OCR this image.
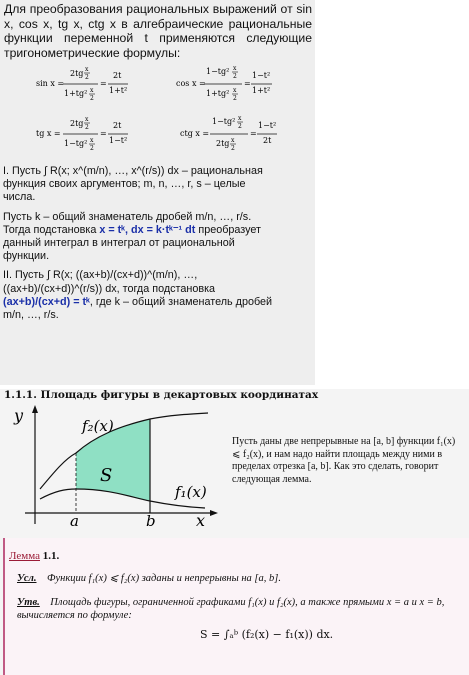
Для преобразования рациональных выражений от sin x, cos x, tg x, ctg x в алгебраические рациональные функции переменной t применяются следующие тригонометрические формулы:
sin x =
2tg x
2
1+tg² x
2
=
2t
1+t²
cos x =
1−tg² x
2
1+tg² x
2
=
1−t²
1+t²
tg x =
2tg x
2
1−tg² x
2
=
2t
1−t²
ctg x =
1−tg² x
2
2tg x
2
=
1−t²
2t

I. Пусть ∫ R(x; x^(m/n), …, x^(r/s)) dx – рациональная функция своих аргументов; m, n, …, r, s – целые числа.

Пусть k – общий знаменатель дробей m/n, …, r/s. Тогда подстановка x = tᵏ, dx = k·tᵏ⁻¹ dt преобразует данный интеграл в интеграл от рациональной функции.

II. Пусть ∫ R(x; ((ax+b)/(cx+d))^(m/n), …, ((ax+b)/(cx+d))^(r/s)) dx, тогда подстановка (ax+b)/(cx+d) = tᵏ, где k – общий знаменатель дробей m/n, …, r/s.

1.1.1. Площадь фигуры в декартовых координатах
y
x
f₂(x)
f₁(x)
S
a	b
Пусть даны две непрерывные на [a, b] функции f₁(x) ⩽ f₂(x), и нам надо найти площадь между ними в пределах отрезка [a, b]. Как это сделать, говорит следующая лемма.
Лемма 1.1.
Усл. Функции f₁(x) ⩽ f₂(x) заданы и непрерывны на [a, b].
Утв. Площадь фигуры, ограниченной графиками f₁(x) и f₂(x), а также прямыми x = a и x = b, вычисляется по формуле:
S = ∫ₐᵇ (f₂(x) − f₁(x)) dx.
